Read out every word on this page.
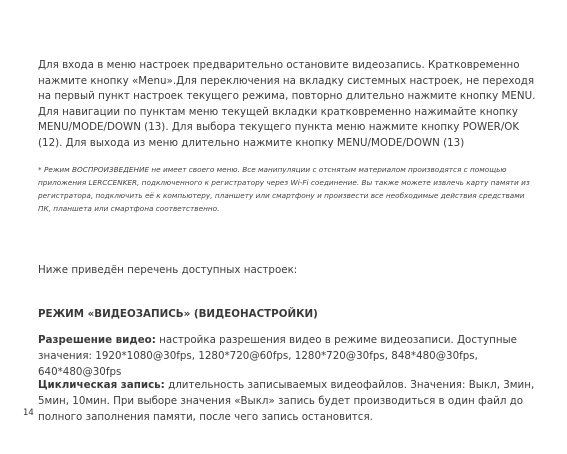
Для входа в меню настроек предварительно остановите видеозапись. Кратковременно нажмите кнопку «Menu».Для переключения на вкладку системных настроек, не переходя на первый пункт настроек текущего режима, повторно длительно нажмите кнопку MENU. Для навигации по пунктам меню текущей вкладки кратковременно нажимайте кнопку MENU/MODE/DOWN (13). Для выбора текущего пункта меню нажмите кнопку POWER/OK (12). Для выхода из меню длительно нажмите кнопку MENU/MODE/DOWN (13)

* Режим ВОСПРОИЗВЕДЕНИЕ не имеет своего меню. Все манипуляции с отснятым материалом производятся с помощью приложения LERCCENKER, подключенного к регистратору через Wi-Fi соединение. Вы также можете извлечь карту памяти из регистратора, подключить её к компьютеру, планшету или смартфону и произвести все необходимые действия средствами ПК, планшета или смартфона соответственно.

Ниже приведён перечень доступных настроек:

РЕЖИМ «ВИДЕОЗАПИСЬ» (ВИДЕОНАСТРОЙКИ)

Разрешение видео: настройка разрешения видео в режиме видеозаписи. Доступные значения: 1920*1080@30fps, 1280*720@60fps, 1280*720@30fps, 848*480@30fps, 640*480@30fps

Циклическая запись: длительность записываемых видеофайлов. Значения: Выкл, 3мин, 5мин, 10мин. При выборе значения «Выкл» запись будет производиться в один файл до полного заполнения памяти, после чего запись остановится.

14
